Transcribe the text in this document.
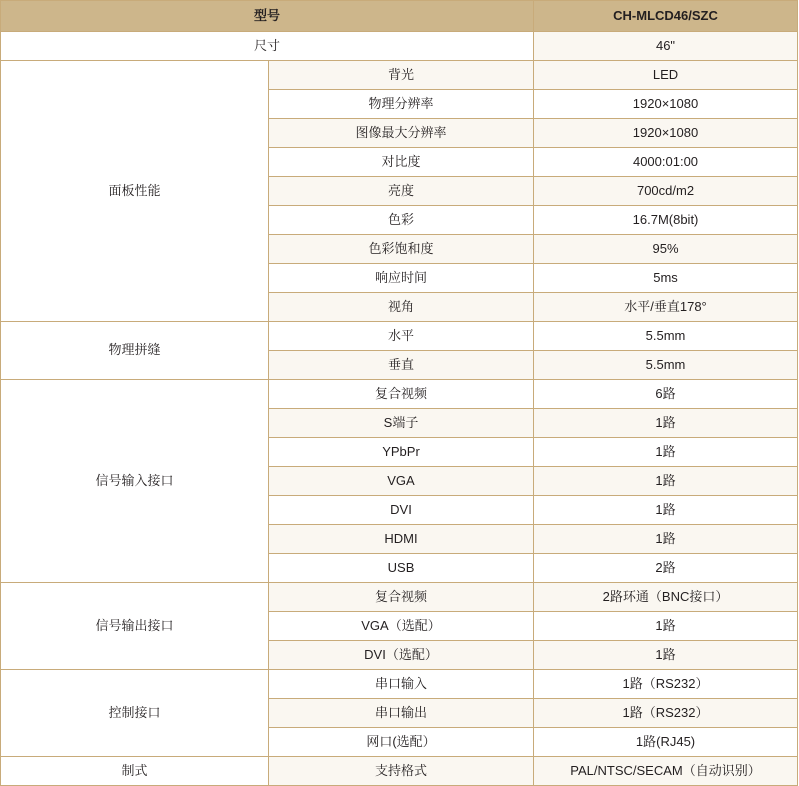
型号		CH-MLCD46/SZC
尺寸		46"
面板性能	背光	LED
	物理分辨率	1920×1080
	图像最大分辨率	1920×1080
	对比度	4000:01:00
	亮度	700cd/m2
	色彩	16.7M(8bit)
	色彩饱和度	95%
	响应时间	5ms
	视角	水平/垂直178°
物理拼缝	水平	5.5mm
	垂直	5.5mm
信号输入接口	复合视频	6路
	S端子	1路
	YPbPr	1路
	VGA	1路
	DVI	1路
	HDMI	1路
	USB	2路
信号输出接口	复合视频	2路环通（BNC接口）
	VGA（选配）	1路
	DVI（选配）	1路
控制接口	串口输入	1路（RS232）
	串口输出	1路（RS232）
	网口(选配）	1路(RJ45)
制式	支持格式	PAL/NTSC/SECAM（自动识别）
